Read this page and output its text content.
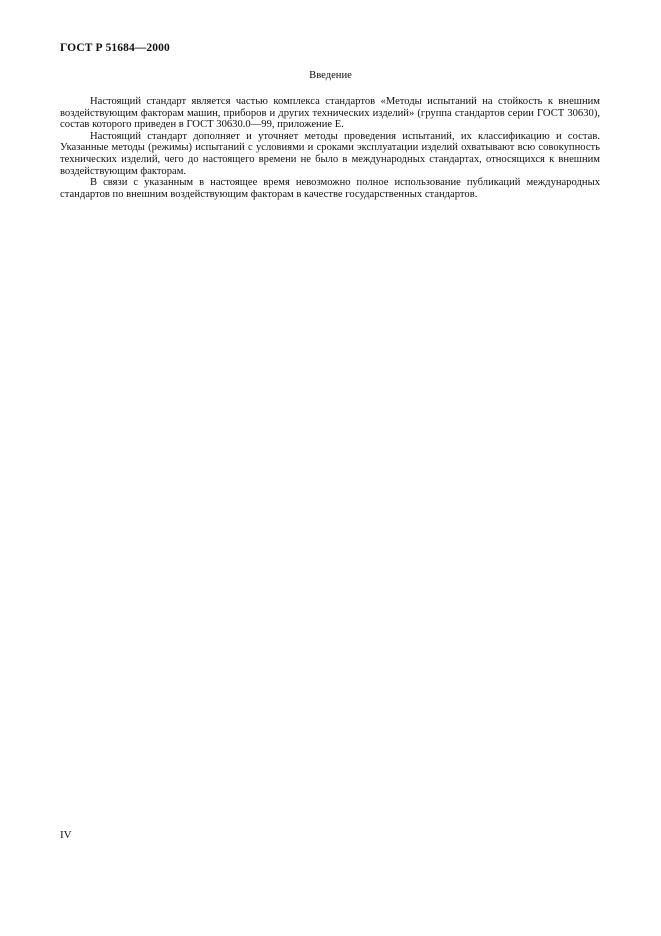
ГОСТ Р 51684—2000
Введение

Настоящий стандарт является частью комплекса стандартов «Методы испытаний на стойкость к внешним воздействующим факторам машин, приборов и других технических изделий» (группа стандартов серии ГОСТ 30630), состав которого приведен в ГОСТ 30630.0—99, приложение Е.

Настоящий стандарт дополняет и уточняет методы проведения испытаний, их классификацию и состав. Указанные методы (режимы) испытаний с условиями и сроками эксплуатации изделий охватывают всю совокупность технических изделий, чего до настоящего времени не было в международных стандартах, относящихся к внешним воздействующим факторам.

В связи с указанным в настоящее время невозможно полное использование публикаций международных стандартов по внешним воздействующим факторам в качестве государственных стандартов.

IV
